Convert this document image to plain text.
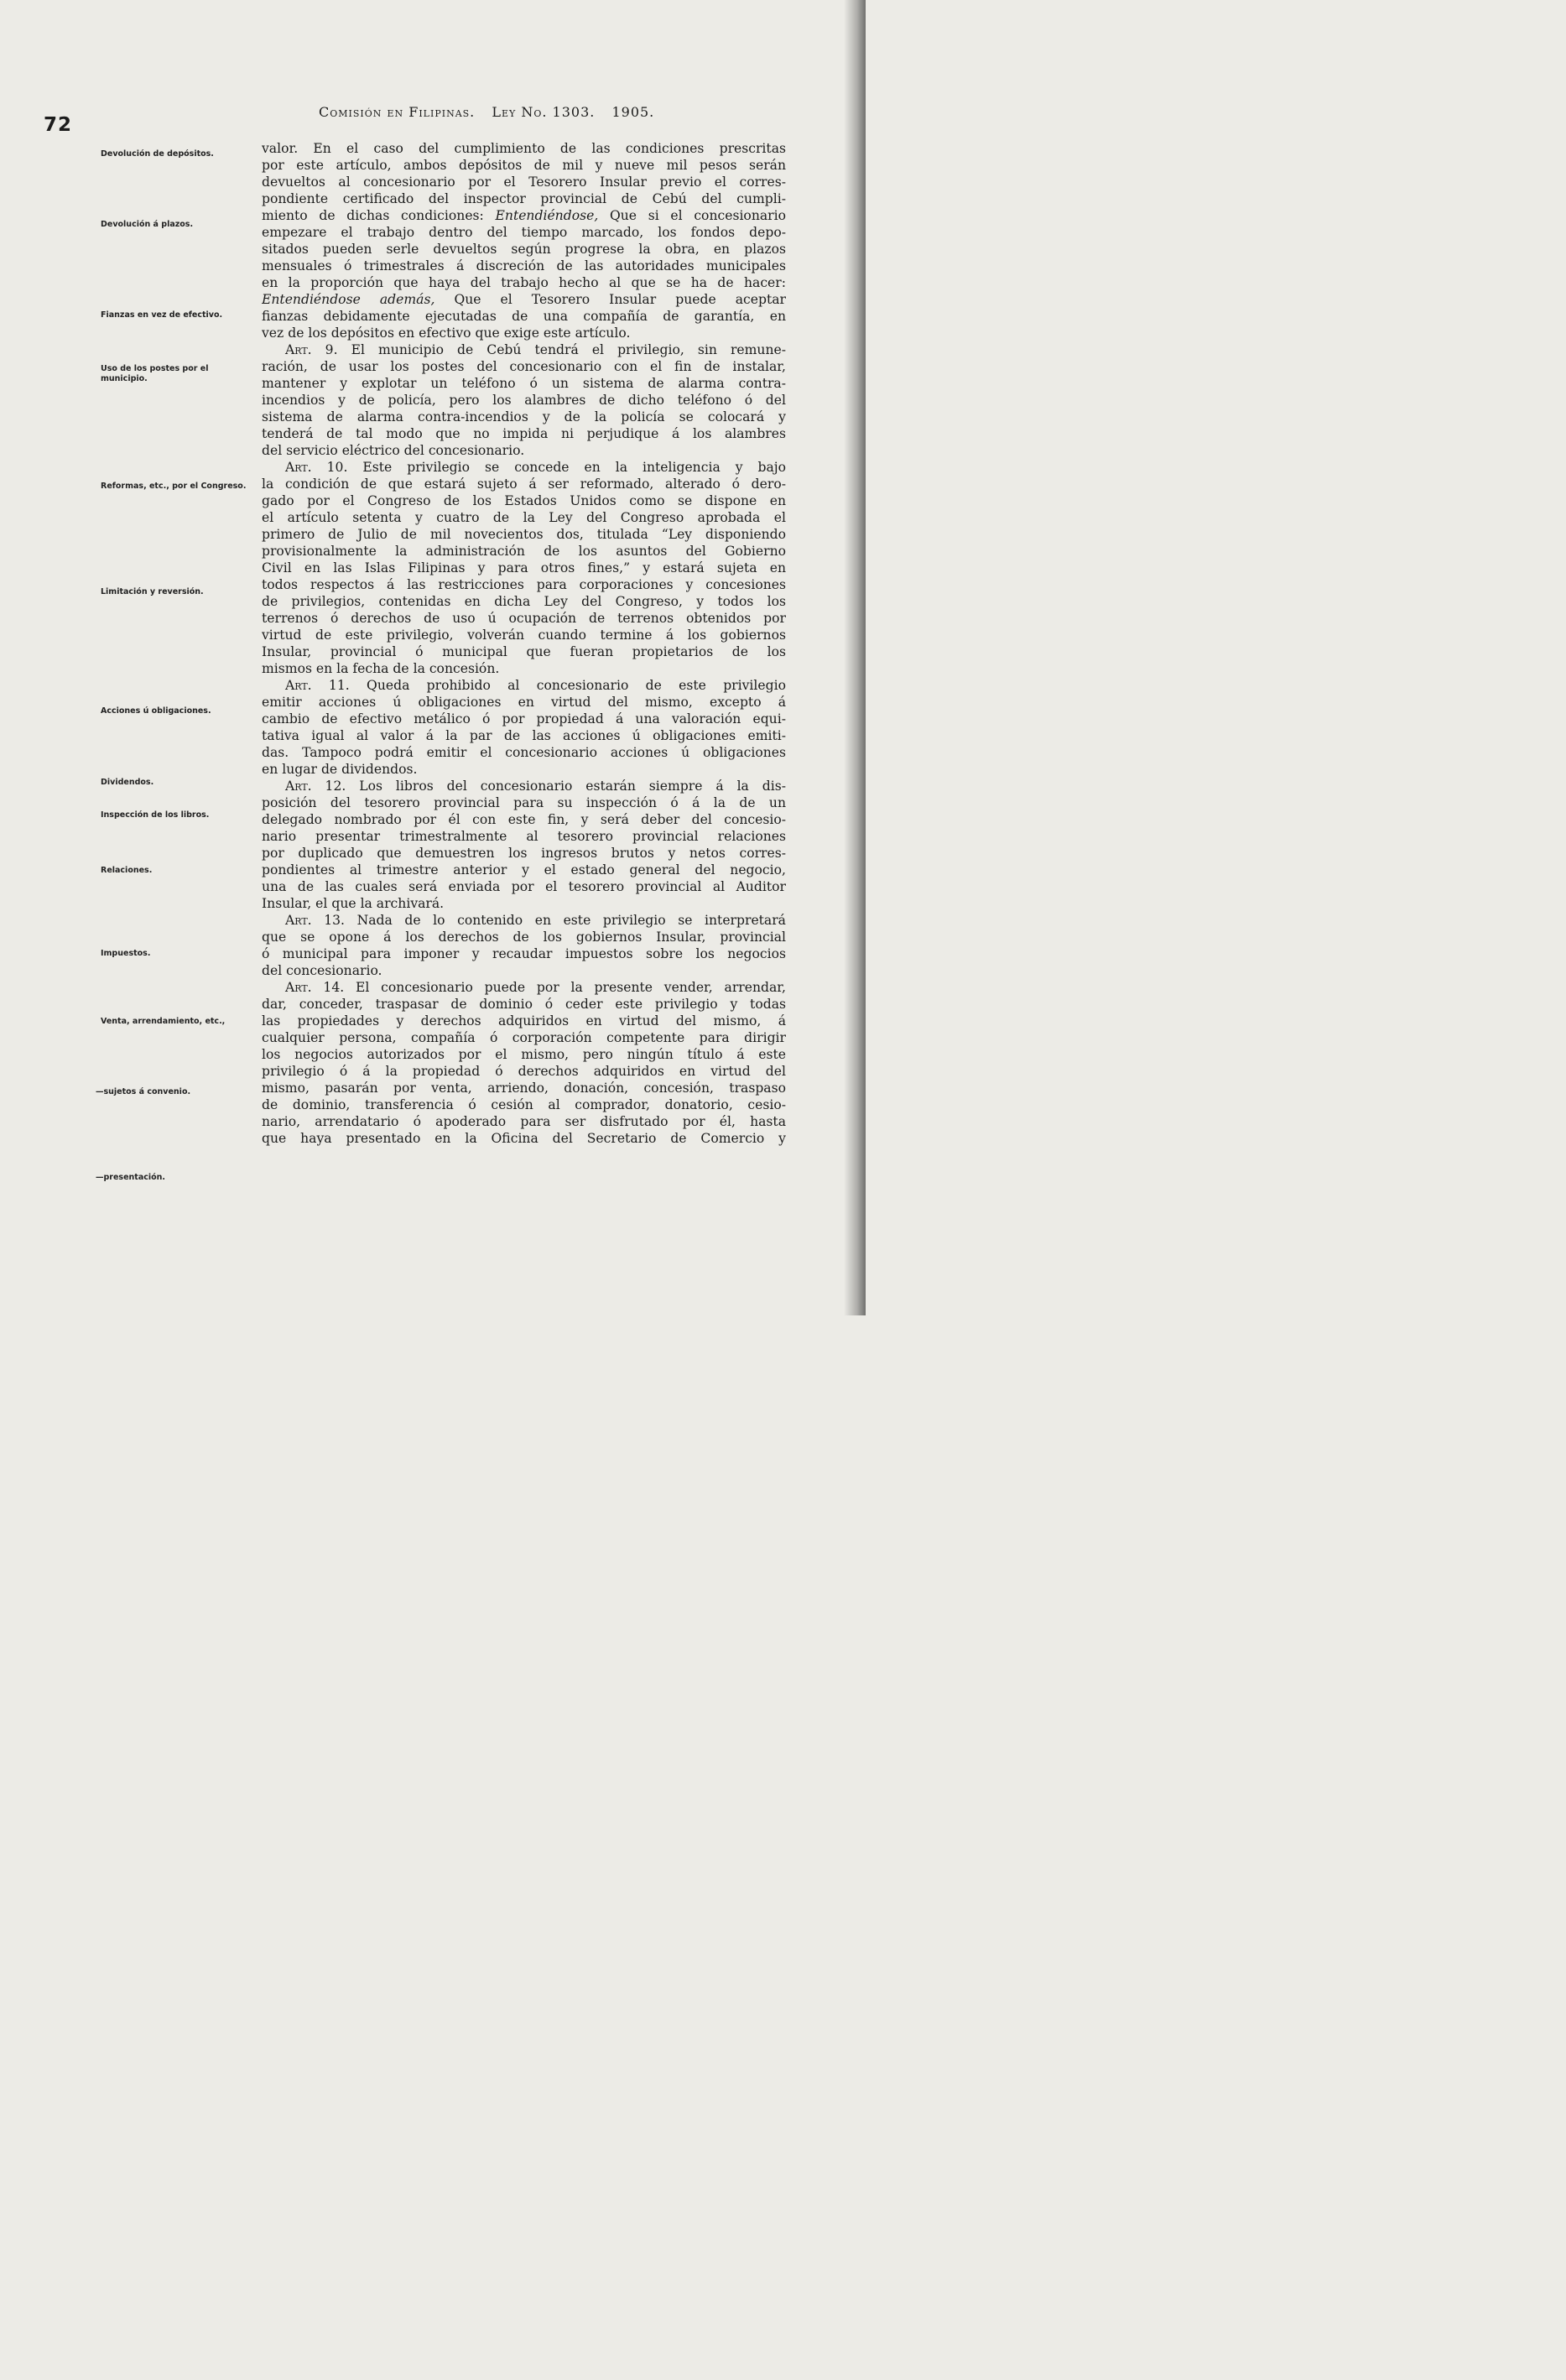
72
Comisión en Filipinas. Ley No. 1303. 1905.
Devolución de depósitos.
Devolución á plazos.
Fianzas en vez de efectivo.
Uso de los postes por el municipio.
Reformas, etc., por el Congreso.
Limitación y reversión.
Acciones ú obligaciones.
Dividendos.
Inspección de los libros.
Relaciones.
Impuestos.
Venta, arrendamiento, etc.,
—sujetos á convenio.
—presentación.
valor. En el caso del cumplimiento de las condiciones prescritas
por este artículo, ambos depósitos de mil y nueve mil pesos serán
devueltos al concesionario por el Tesorero Insular previo el corres-
pondiente certificado del inspector provincial de Cebú del cumpli-
miento de dichas condiciones: Entendiéndose, Que si el concesionario
empezare el trabajo dentro del tiempo marcado, los fondos depo-
sitados pueden serle devueltos según progrese la obra, en plazos
mensuales ó trimestrales á discreción de las autoridades municipales
en la proporción que haya del trabajo hecho al que se ha de hacer:
Entendiéndose además, Que el Tesorero Insular puede aceptar
fianzas debidamente ejecutadas de una compañía de garantía, en
vez de los depósitos en efectivo que exige este artículo.
Art. 9. El municipio de Cebú tendrá el privilegio, sin remune-
ración, de usar los postes del concesionario con el fin de instalar,
mantener y explotar un teléfono ó un sistema de alarma contra-
incendios y de policía, pero los alambres de dicho teléfono ó del
sistema de alarma contra-incendios y de la policía se colocará y
tenderá de tal modo que no impida ni perjudique á los alambres
del servicio eléctrico del concesionario.
Art. 10. Este privilegio se concede en la inteligencia y bajo
la condición de que estará sujeto á ser reformado, alterado ó dero-
gado por el Congreso de los Estados Unidos como se dispone en
el artículo setenta y cuatro de la Ley del Congreso aprobada el
primero de Julio de mil novecientos dos, titulada “Ley disponiendo
provisionalmente la administración de los asuntos del Gobierno
Civil en las Islas Filipinas y para otros fines,” y estará sujeta en
todos respectos á las restricciones para corporaciones y concesiones
de privilegios, contenidas en dicha Ley del Congreso, y todos los
terrenos ó derechos de uso ú ocupación de terrenos obtenidos por
virtud de este privilegio, volverán cuando termine á los gobiernos
Insular, provincial ó municipal que fueran propietarios de los
mismos en la fecha de la concesión.
Art. 11. Queda prohibido al concesionario de este privilegio
emitir acciones ú obligaciones en virtud del mismo, excepto á
cambio de efectivo metálico ó por propiedad á una valoración equi-
tativa igual al valor á la par de las acciones ú obligaciones emiti-
das. Tampoco podrá emitir el concesionario acciones ú obligaciones
en lugar de dividendos.
Art. 12. Los libros del concesionario estarán siempre á la dis-
posición del tesorero provincial para su inspección ó á la de un
delegado nombrado por él con este fin, y será deber del concesio-
nario presentar trimestralmente al tesorero provincial relaciones
por duplicado que demuestren los ingresos brutos y netos corres-
pondientes al trimestre anterior y el estado general del negocio,
una de las cuales será enviada por el tesorero provincial al Auditor
Insular, el que la archivará.
Art. 13. Nada de lo contenido en este privilegio se interpretará
que se opone á los derechos de los gobiernos Insular, provincial
ó municipal para imponer y recaudar impuestos sobre los negocios
del concesionario.
Art. 14. El concesionario puede por la presente vender, arrendar,
dar, conceder, traspasar de dominio ó ceder este privilegio y todas
las propiedades y derechos adquiridos en virtud del mismo, á
cualquier persona, compañía ó corporación competente para dirigir
los negocios autorizados por el mismo, pero ningún título á este
privilegio ó á la propiedad ó derechos adquiridos en virtud del
mismo, pasarán por venta, arriendo, donación, concesión, traspaso
de dominio, transferencia ó cesión al comprador, donatorio, cesio-
nario, arrendatario ó apoderado para ser disfrutado por él, hasta
que haya presentado en la Oficina del Secretario de Comercio y
